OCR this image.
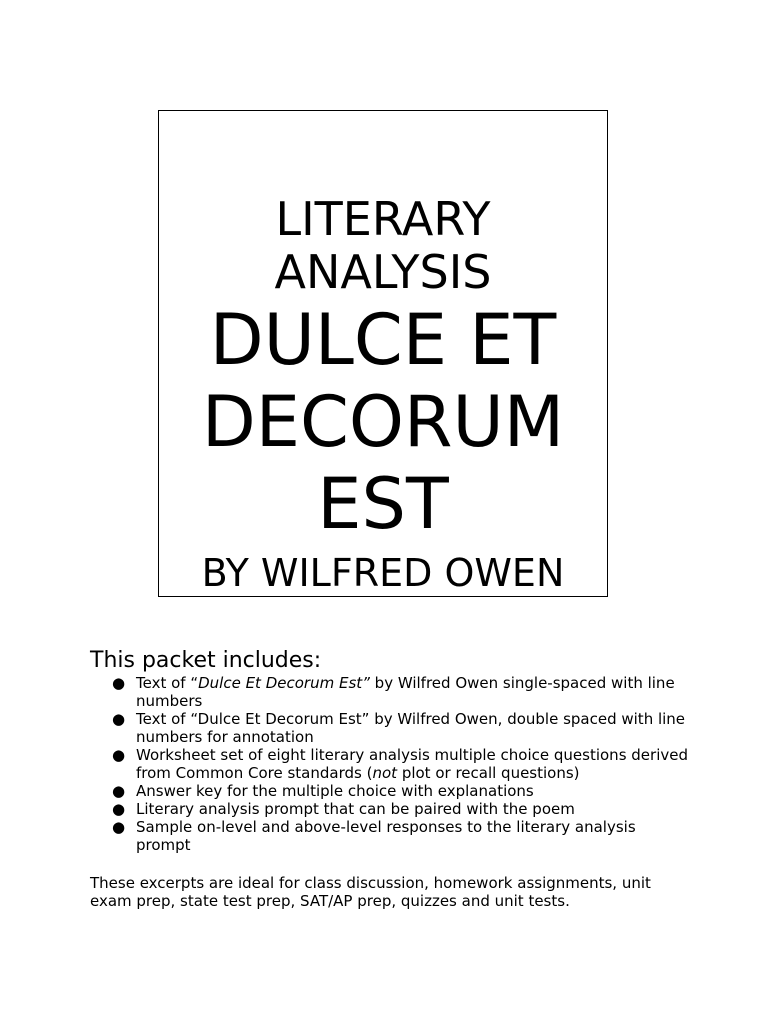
LITERARY
ANALYSIS
DULCE ET
DECORUM
EST
BY WILFRED OWEN
This packet includes:
● Text of “Dulce Et Decorum Est” by Wilfred Owen single-spaced with line numbers
● Text of “Dulce Et Decorum Est” by Wilfred Owen, double spaced with line numbers for annotation
● Worksheet set of eight literary analysis multiple choice questions derived from Common Core standards (not plot or recall questions)
● Answer key for the multiple choice with explanations
● Literary analysis prompt that can be paired with the poem
● Sample on-level and above-level responses to the literary analysis prompt

These excerpts are ideal for class discussion, homework assignments, unit exam prep, state test prep, SAT/AP prep, quizzes and unit tests.
